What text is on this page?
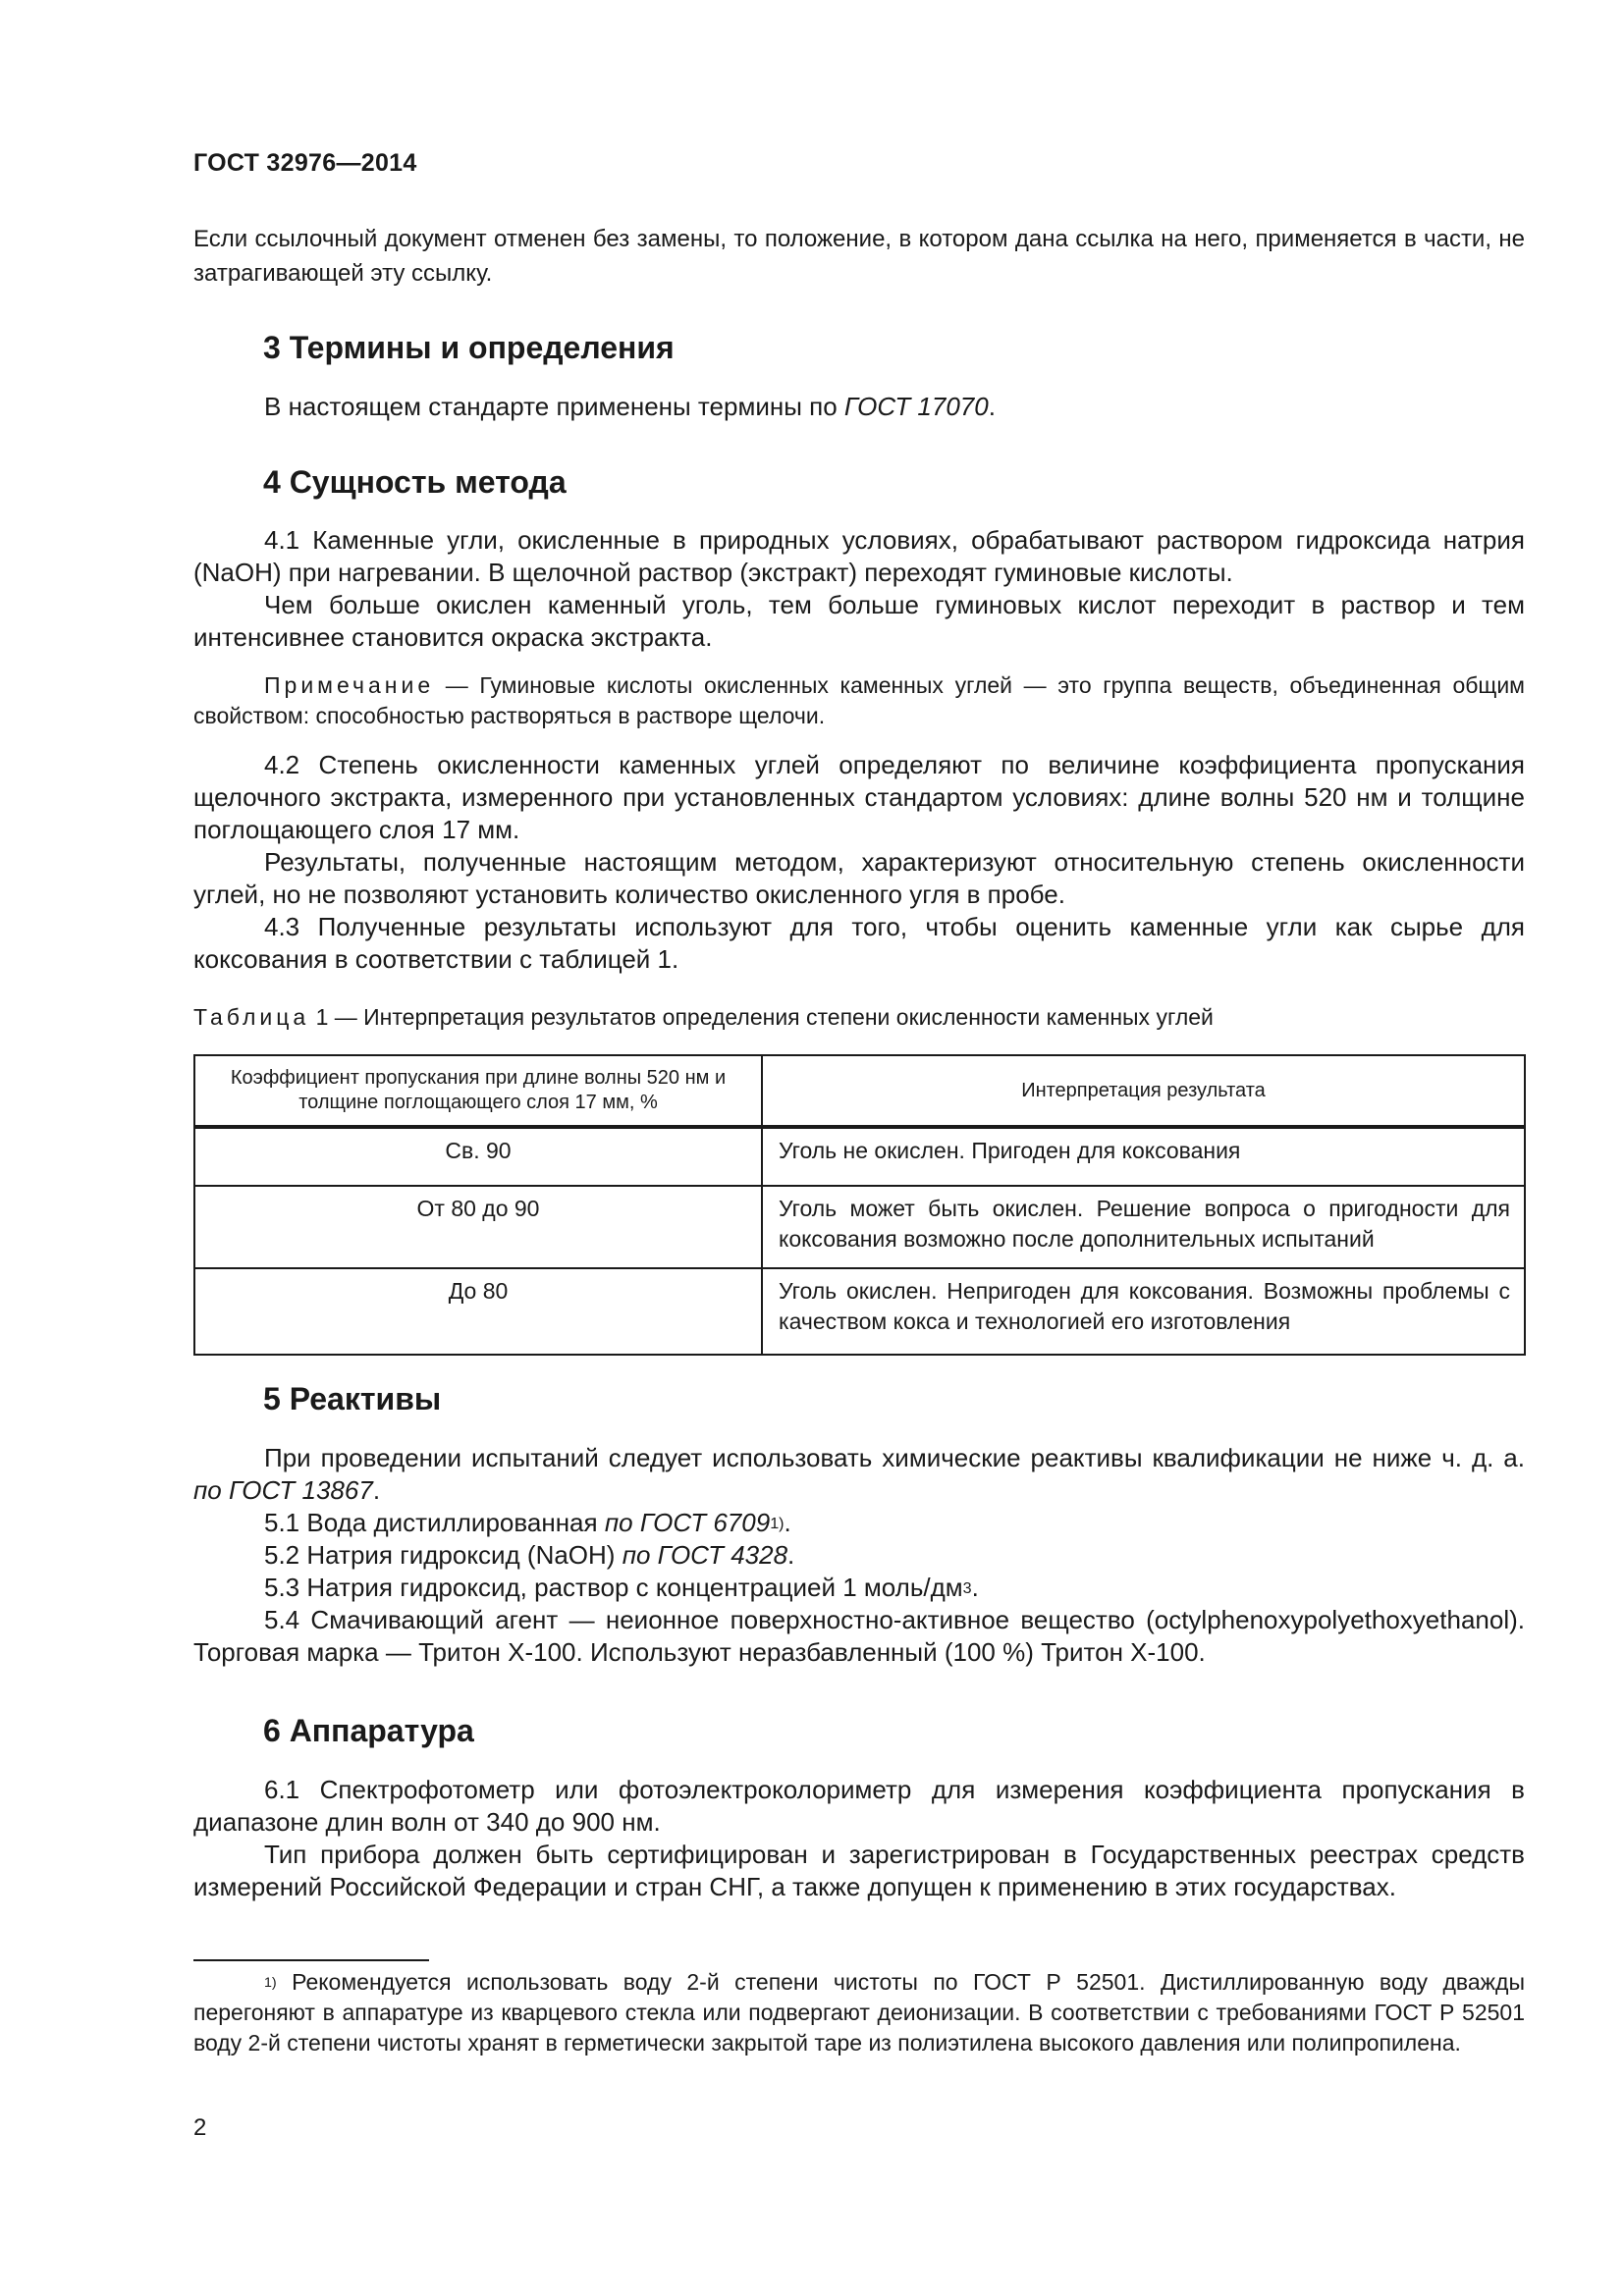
ГОСТ 32976—2014
Если ссылочный документ отменен без замены, то положение, в котором дана ссылка на него, применяется в части, не затрагивающей эту ссылку.
3 Термины и определения
В настоящем стандарте применены термины по ГОСТ 17070.
4 Сущность метода
4.1 Каменные угли, окисленные в природных условиях, обрабатывают раствором гидроксида натрия (NaOH) при нагревании. В щелочной раствор (экстракт) переходят гуминовые кислоты.
Чем больше окислен каменный уголь, тем больше гуминовых кислот переходит в раствор и тем интенсивнее становится окраска экстракта.
Примечание — Гуминовые кислоты окисленных каменных углей — это группа веществ, объединенная общим свойством: способностью растворяться в растворе щелочи.
4.2 Степень окисленности каменных углей определяют по величине коэффициента пропускания щелочного экстракта, измеренного при установленных стандартом условиях: длине волны 520 нм и толщине поглощающего слоя 17 мм.
Результаты, полученные настоящим методом, характеризуют относительную степень окисленности углей, но не позволяют установить количество окисленного угля в пробе.
4.3 Полученные результаты используют для того, чтобы оценить каменные угли как сырье для коксования в соответствии с таблицей 1.
Таблица 1 — Интерпретация результатов определения степени окисленности каменных углей
Коэффициент пропускания при длине волны 520 нм и толщине поглощающего слоя 17 мм, %	Интерпретация результата
Св. 90	Уголь не окислен. Пригоден для коксования
От 80 до 90	Уголь может быть окислен. Решение вопроса о пригодности для коксования возможно после дополнительных испытаний
До 80	Уголь окислен. Непригоден для коксования. Возможны проблемы с качеством кокса и технологией его изготовления
5 Реактивы
При проведении испытаний следует использовать химические реактивы квалификации не ниже ч. д. а. по ГОСТ 13867.
5.1 Вода дистиллированная по ГОСТ 6709$^{1)}$.
5.2 Натрия гидроксид (NaOH) по ГОСТ 4328.
5.3 Натрия гидроксид, раствор с концентрацией 1 моль/$дм^3$.
5.4 Смачивающий агент — неионное поверхностно-активное вещество (octylphenoxypolyethoxyethanol). Торговая марка — Тритон Х-100. Используют неразбавленный (100 %) Тритон Х-100.
6 Аппаратура
6.1 Спектрофотометр или фотоэлектроколориметр для измерения коэффициента пропускания в диапазоне длин волн от 340 до 900 нм.
Тип прибора должен быть сертифицирован и зарегистрирован в Государственных реестрах средств измерений Российской Федерации и стран СНГ, а также допущен к применению в этих государствах.
$^{1)}$ Рекомендуется использовать воду 2-й степени чистоты по ГОСТ Р 52501. Дистиллированную воду дважды перегоняют в аппаратуре из кварцевого стекла или подвергают деионизации. В соответствии с требованиями ГОСТ Р 52501 воду 2-й степени чистоты хранят в герметически закрытой таре из полиэтилена высокого давления или полипропилена.
2
